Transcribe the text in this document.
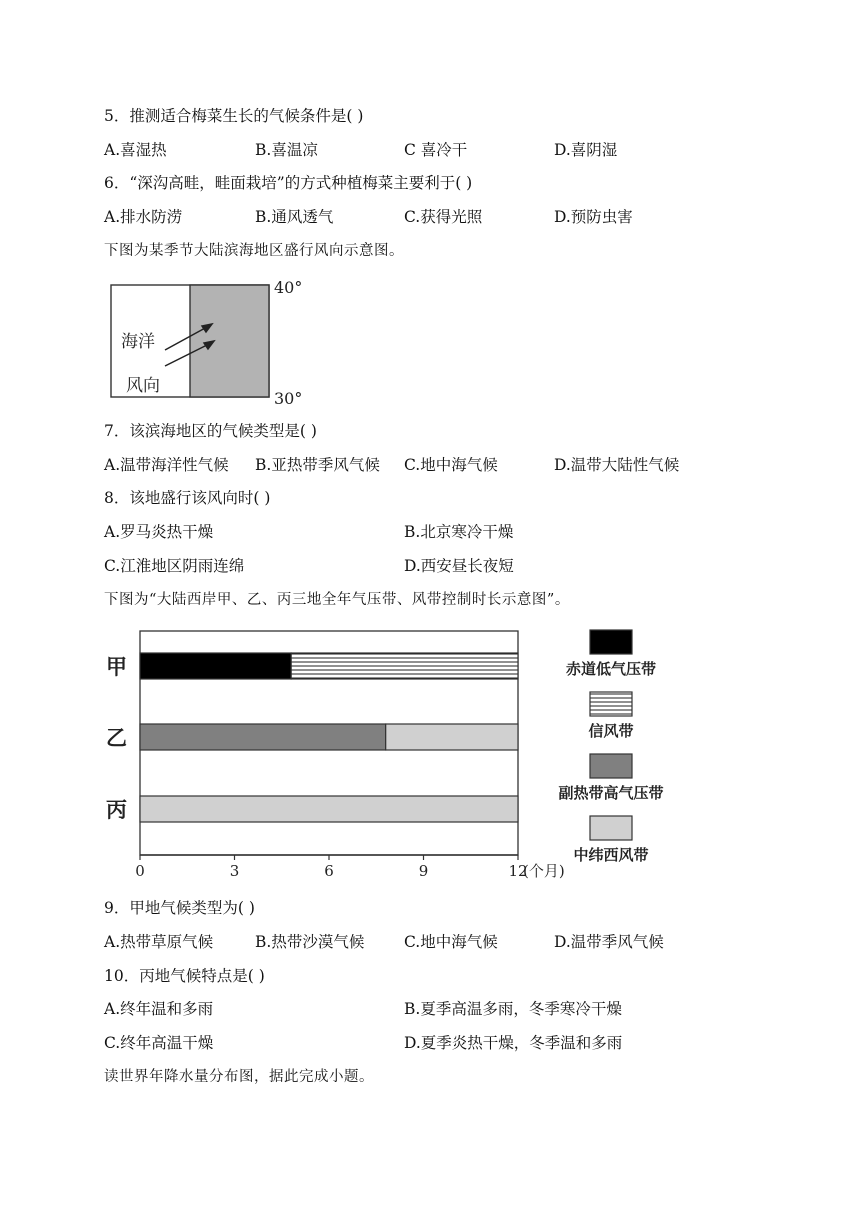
5．推测适合梅菜生长的气候条件是( )
A.喜湿热	B.喜温凉	C 喜冷干	D.喜阴湿
6．“深沟高畦，畦面栽培”的方式种植梅菜主要利于( )
A.排水防涝	B.通风透气	C.获得光照	D.预防虫害
下图为某季节大陆滨海地区盛行风向示意图。
海洋
风向
40°
30°
7．该滨海地区的气候类型是( )
A.温带海洋性气候 B.亚热带季风气候 C.地中海气候	D.温带大陆性气候
8．该地盛行该风向时( )
A.罗马炎热干燥	B.北京寒冷干燥
C.江淮地区阴雨连绵	D.西安昼长夜短
下图为“大陆西岸甲、乙、丙三地全年气压带、风带控制时长示意图”。
甲
乙
丙
赤道低气压带
信风带
副热带高气压带
中纬西风带
0	3	6	9	12
(个月)
9．甲地气候类型为( )
A.热带草原气候	B.热带沙漠气候	C.地中海气候	D.温带季风气候
10．丙地气候特点是( )
A.终年温和多雨	B.夏季高温多雨，冬季寒冷干燥
C.终年高温干燥	D.夏季炎热干燥，冬季温和多雨
读世界年降水量分布图，据此完成小题。
